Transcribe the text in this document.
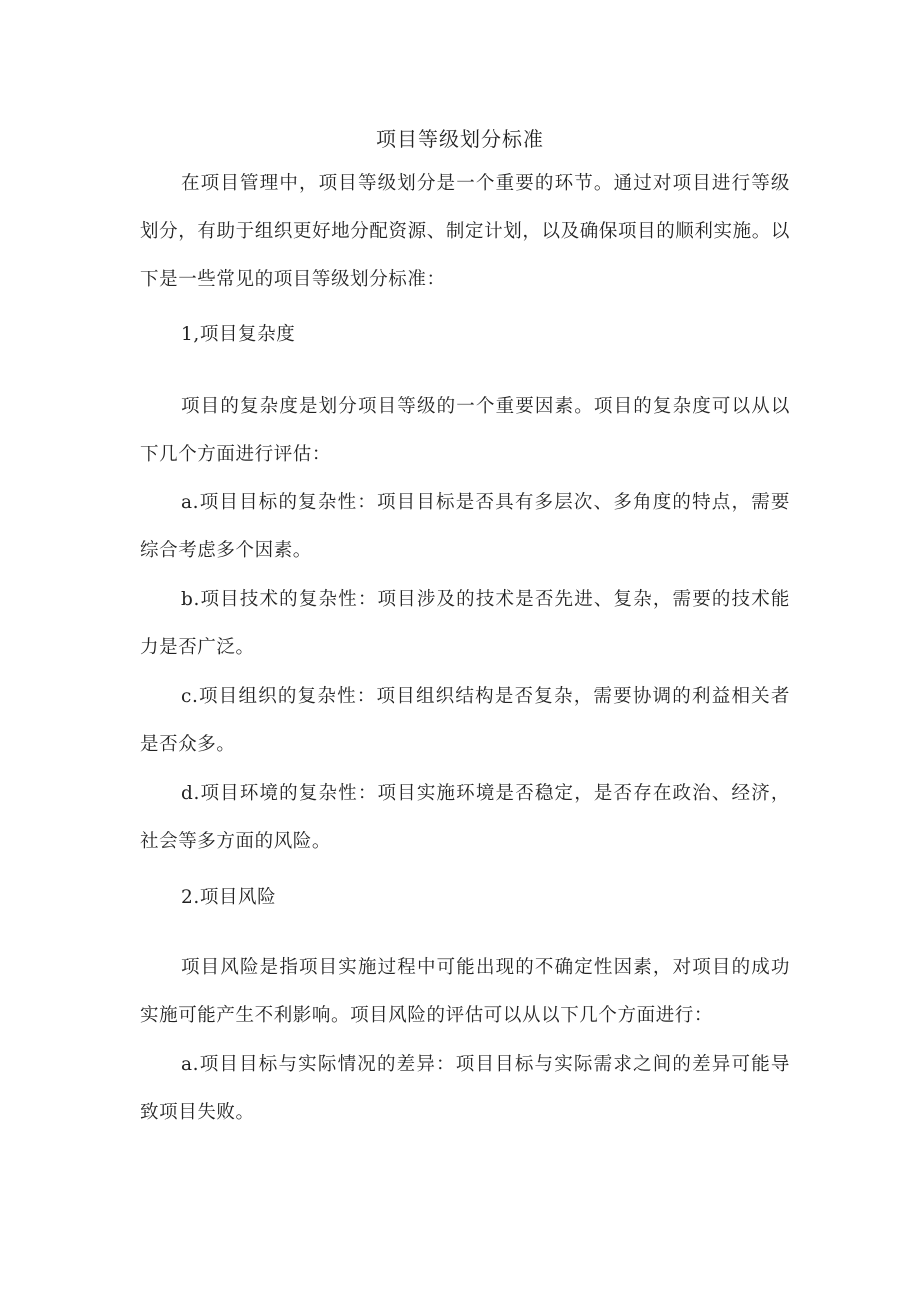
项目等级划分标准

在项目管理中，项目等级划分是一个重要的环节。通过对项目进行等级划分，有助于组织更好地分配资源、制定计划，以及确保项目的顺利实施。以下是一些常见的项目等级划分标准：

1,项目复杂度

项目的复杂度是划分项目等级的一个重要因素。项目的复杂度可以从以下几个方面进行评估：

a.项目目标的复杂性：项目目标是否具有多层次、多角度的特点，需要综合考虑多个因素。

b.项目技术的复杂性：项目涉及的技术是否先进、复杂，需要的技术能力是否广泛。

c.项目组织的复杂性：项目组织结构是否复杂，需要协调的利益相关者是否众多。

d.项目环境的复杂性：项目实施环境是否稳定，是否存在政治、经济，社会等多方面的风险。

2.项目风险

项目风险是指项目实施过程中可能出现的不确定性因素，对项目的成功实施可能产生不利影响。项目风险的评估可以从以下几个方面进行：

a.项目目标与实际情况的差异：项目目标与实际需求之间的差异可能导致项目失败。
